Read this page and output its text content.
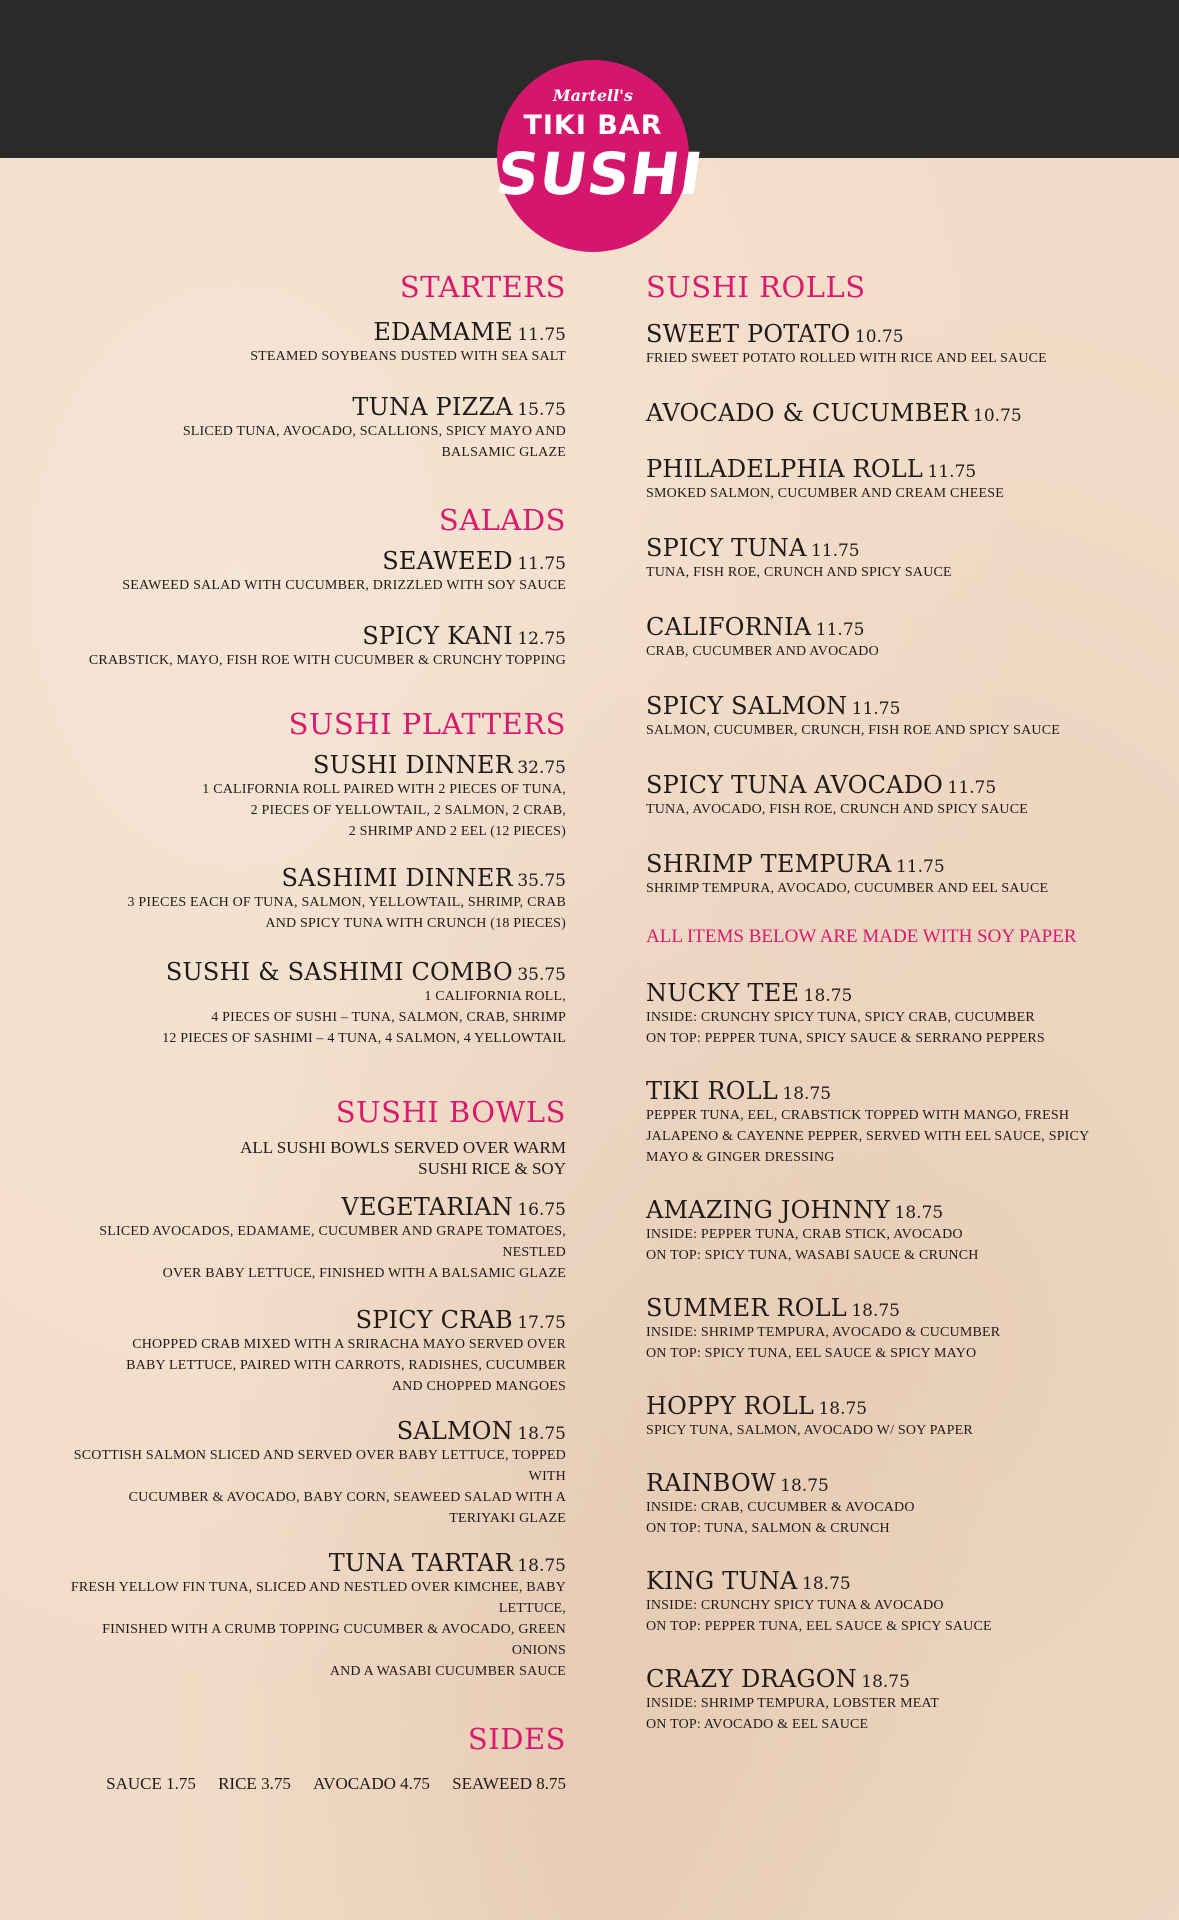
Martell's
TIKI BAR
SUSHI
STARTERS
EDAMAME 11.75
STEAMED SOYBEANS DUSTED WITH SEA SALT
TUNA PIZZA 15.75
SLICED TUNA, AVOCADO, SCALLIONS, SPICY MAYO AND
BALSAMIC GLAZE
SALADS
SEAWEED 11.75
SEAWEED SALAD WITH CUCUMBER, DRIZZLED WITH SOY SAUCE
SPICY KANI 12.75
CRABSTICK, MAYO, FISH ROE WITH CUCUMBER & CRUNCHY TOPPING
SUSHI PLATTERS
SUSHI DINNER 32.75
1 CALIFORNIA ROLL PAIRED WITH 2 PIECES OF TUNA,
2 PIECES OF YELLOWTAIL, 2 SALMON, 2 CRAB,
2 SHRIMP AND 2 EEL (12 PIECES)
SASHIMI DINNER 35.75
3 PIECES EACH OF TUNA, SALMON, YELLOWTAIL, SHRIMP, CRAB
AND SPICY TUNA WITH CRUNCH (18 PIECES)
SUSHI & SASHIMI COMBO 35.75
1 CALIFORNIA ROLL,
4 PIECES OF SUSHI – TUNA, SALMON, CRAB, SHRIMP
12 PIECES OF SASHIMI – 4 TUNA, 4 SALMON, 4 YELLOWTAIL
SUSHI BOWLS
ALL SUSHI BOWLS SERVED OVER WARM
SUSHI RICE & SOY
VEGETARIAN 16.75
SLICED AVOCADOS, EDAMAME, CUCUMBER AND GRAPE TOMATOES, NESTLED
OVER BABY LETTUCE, FINISHED WITH A BALSAMIC GLAZE
SPICY CRAB 17.75
CHOPPED CRAB MIXED WITH A SRIRACHA MAYO SERVED OVER
BABY LETTUCE, PAIRED WITH CARROTS, RADISHES, CUCUMBER
AND CHOPPED MANGOES
SALMON 18.75
SCOTTISH SALMON SLICED AND SERVED OVER BABY LETTUCE, TOPPED WITH
CUCUMBER & AVOCADO, BABY CORN, SEAWEED SALAD WITH A TERIYAKI GLAZE
TUNA TARTAR 18.75
FRESH YELLOW FIN TUNA, SLICED AND NESTLED OVER KIMCHEE, BABY LETTUCE,
FINISHED WITH A CRUMB TOPPING CUCUMBER & AVOCADO, GREEN ONIONS
AND A WASABI CUCUMBER SAUCE
SIDES
SAUCE 1.75 RICE 3.75 AVOCADO 4.75 SEAWEED 8.75
SUSHI ROLLS
SWEET POTATO 10.75
FRIED SWEET POTATO ROLLED WITH RICE AND EEL SAUCE
AVOCADO & CUCUMBER 10.75
PHILADELPHIA ROLL 11.75
SMOKED SALMON, CUCUMBER AND CREAM CHEESE
SPICY TUNA 11.75
TUNA, FISH ROE, CRUNCH AND SPICY SAUCE
CALIFORNIA 11.75
CRAB, CUCUMBER AND AVOCADO
SPICY SALMON 11.75
SALMON, CUCUMBER, CRUNCH, FISH ROE AND SPICY SAUCE
SPICY TUNA AVOCADO 11.75
TUNA, AVOCADO, FISH ROE, CRUNCH AND SPICY SAUCE
SHRIMP TEMPURA 11.75
SHRIMP TEMPURA, AVOCADO, CUCUMBER AND EEL SAUCE
ALL ITEMS BELOW ARE MADE WITH SOY PAPER
NUCKY TEE 18.75
INSIDE: CRUNCHY SPICY TUNA, SPICY CRAB, CUCUMBER
ON TOP: PEPPER TUNA, SPICY SAUCE & SERRANO PEPPERS
TIKI ROLL 18.75
PEPPER TUNA, EEL, CRABSTICK TOPPED WITH MANGO, FRESH
JALAPENO & CAYENNE PEPPER, SERVED WITH EEL SAUCE, SPICY
MAYO & GINGER DRESSING
AMAZING JOHNNY 18.75
INSIDE: PEPPER TUNA, CRAB STICK, AVOCADO
ON TOP: SPICY TUNA, WASABI SAUCE & CRUNCH
SUMMER ROLL 18.75
INSIDE: SHRIMP TEMPURA, AVOCADO & CUCUMBER
ON TOP: SPICY TUNA, EEL SAUCE & SPICY MAYO
HOPPY ROLL 18.75
SPICY TUNA, SALMON, AVOCADO W/ SOY PAPER
RAINBOW 18.75
INSIDE: CRAB, CUCUMBER & AVOCADO
ON TOP: TUNA, SALMON & CRUNCH
KING TUNA 18.75
INSIDE: CRUNCHY SPICY TUNA & AVOCADO
ON TOP: PEPPER TUNA, EEL SAUCE & SPICY SAUCE
CRAZY DRAGON 18.75
INSIDE: SHRIMP TEMPURA, LOBSTER MEAT
ON TOP: AVOCADO & EEL SAUCE
